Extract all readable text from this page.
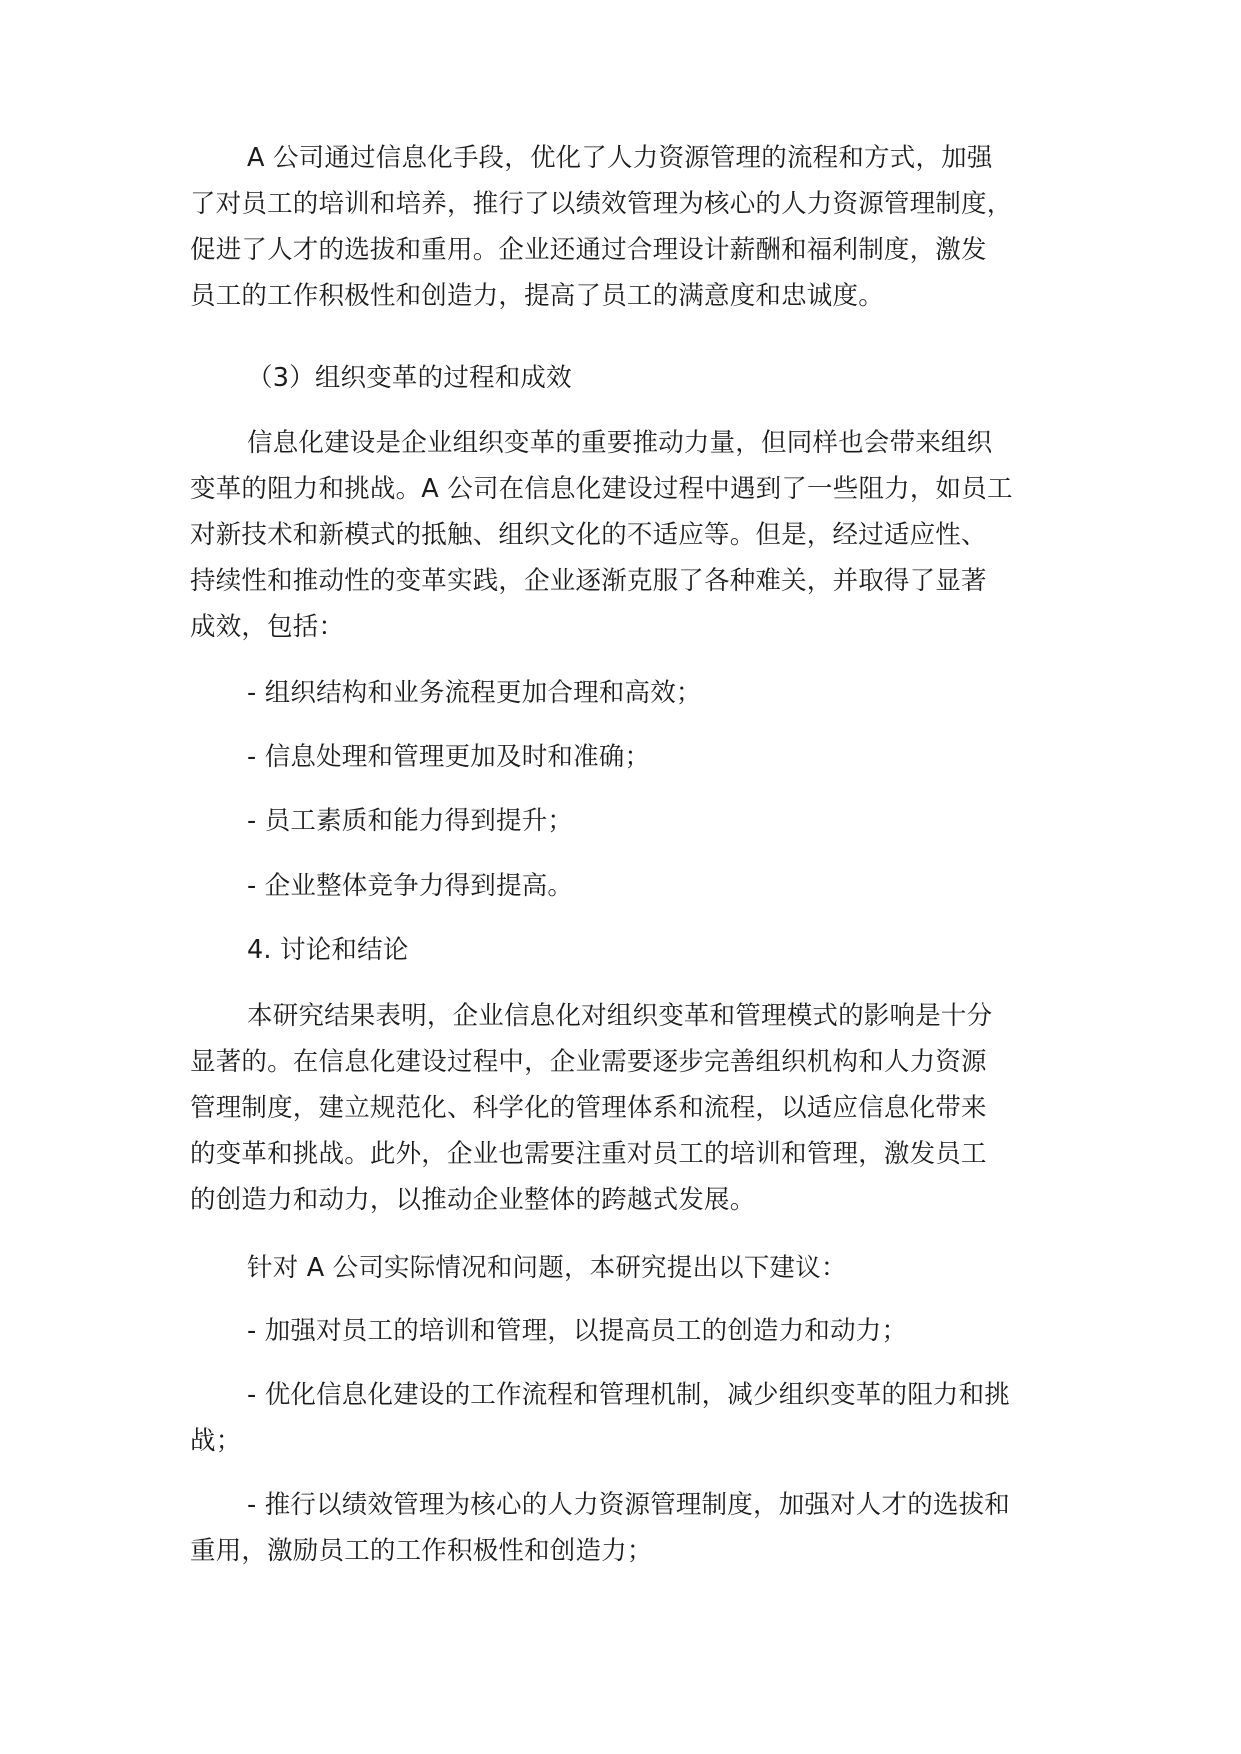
A 公司通过信息化手段，优化了人力资源管理的流程和方式，加强
了对员工的培训和培养，推行了以绩效管理为核心的人力资源管理制度，
促进了人才的选拔和重用。企业还通过合理设计薪酬和福利制度，激发
员工的工作积极性和创造力，提高了员工的满意度和忠诚度。
（3）组织变革的过程和成效
信息化建设是企业组织变革的重要推动力量，但同样也会带来组织
变革的阻力和挑战。A 公司在信息化建设过程中遇到了一些阻力，如员工
对新技术和新模式的抵触、组织文化的不适应等。但是，经过适应性、
持续性和推动性的变革实践，企业逐渐克服了各种难关，并取得了显著
成效，包括：
- 组织结构和业务流程更加合理和高效；
- 信息处理和管理更加及时和准确；
- 员工素质和能力得到提升；
- 企业整体竞争力得到提高。
4. 讨论和结论
本研究结果表明，企业信息化对组织变革和管理模式的影响是十分
显著的。在信息化建设过程中，企业需要逐步完善组织机构和人力资源
管理制度，建立规范化、科学化的管理体系和流程，以适应信息化带来
的变革和挑战。此外，企业也需要注重对员工的培训和管理，激发员工
的创造力和动力，以推动企业整体的跨越式发展。
针对 A 公司实际情况和问题，本研究提出以下建议：
- 加强对员工的培训和管理，以提高员工的创造力和动力；
- 优化信息化建设的工作流程和管理机制，减少组织变革的阻力和挑
战；
- 推行以绩效管理为核心的人力资源管理制度，加强对人才的选拔和
重用，激励员工的工作积极性和创造力；
